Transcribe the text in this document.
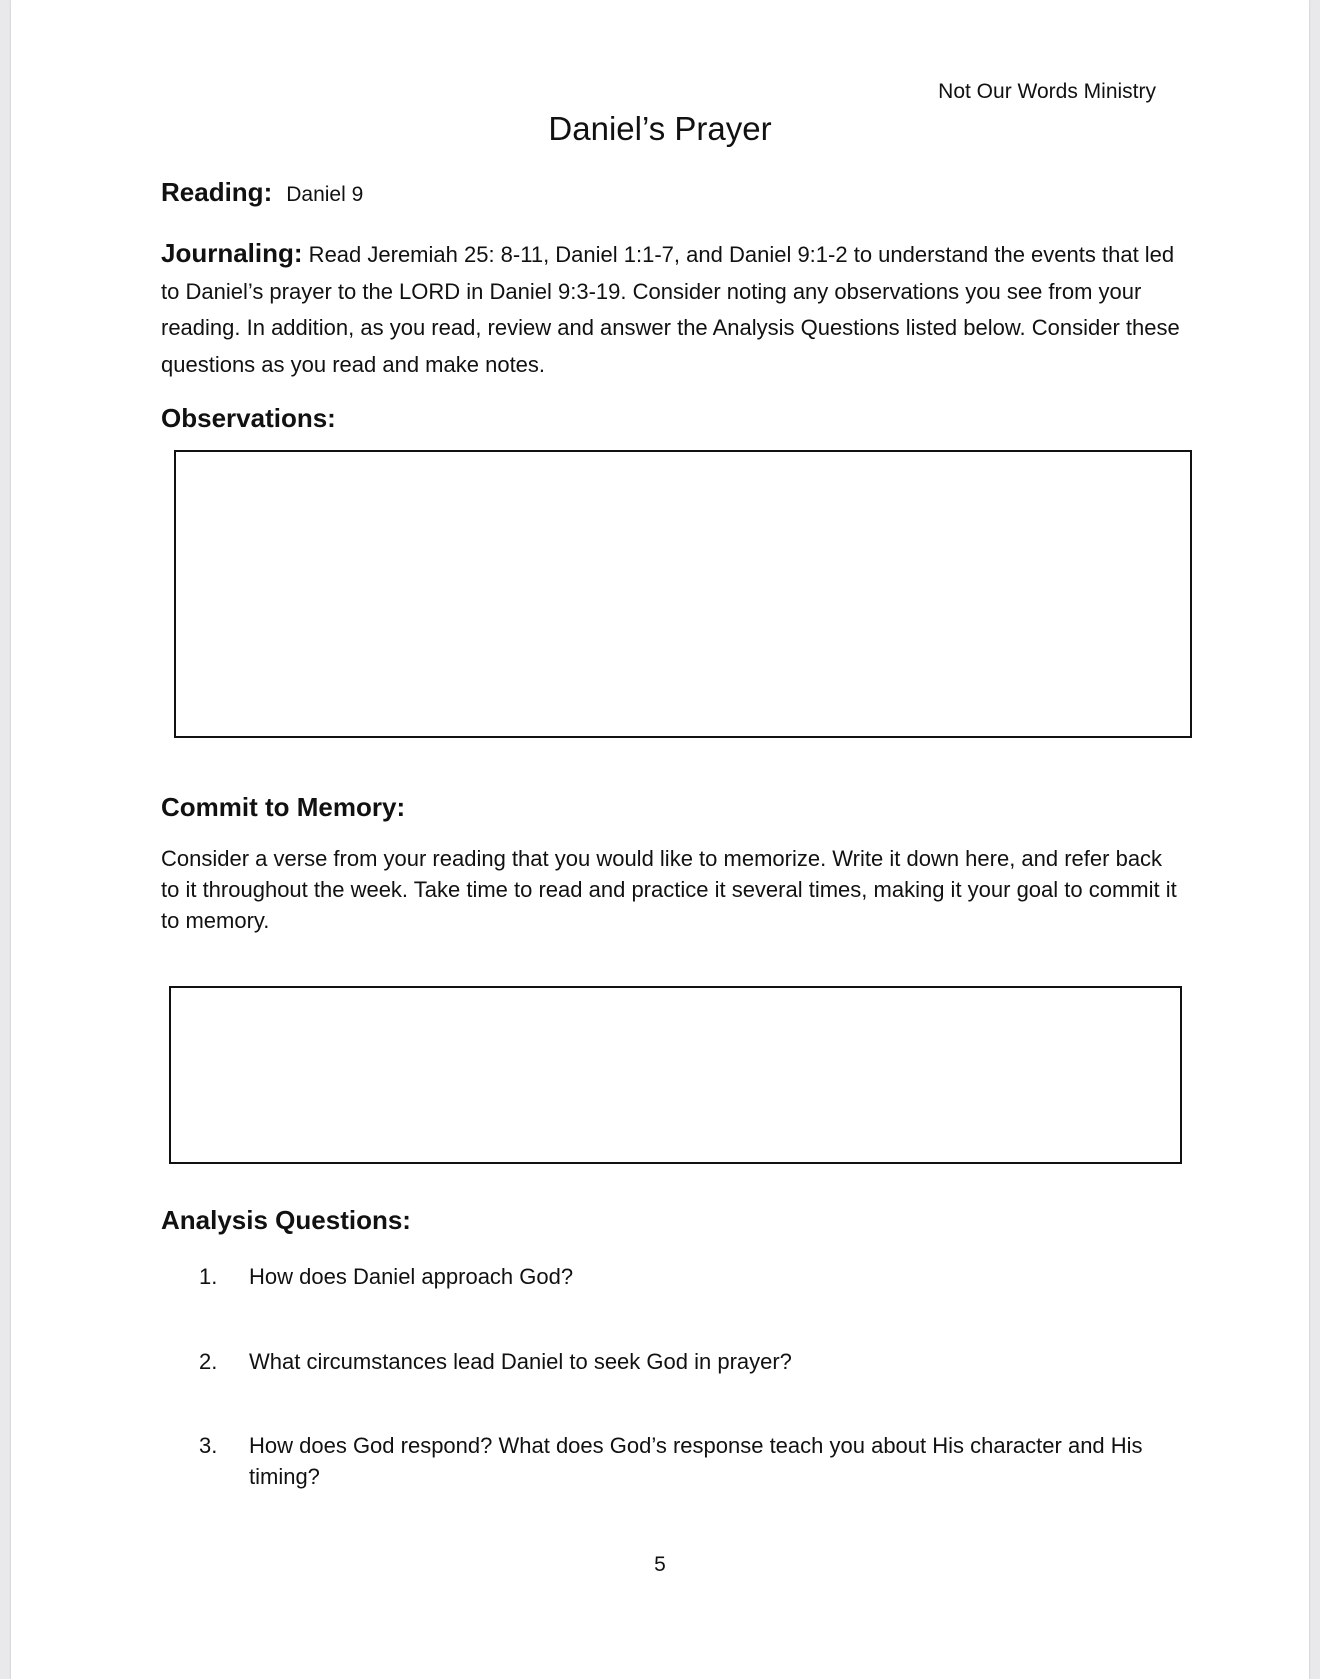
Not Our Words Ministry
Daniel’s Prayer
Reading: Daniel 9
Journaling: Read Jeremiah 25: 8-11, Daniel 1:1-7, and Daniel 9:1-2 to understand the events that led to Daniel’s prayer to the LORD in Daniel 9:3-19. Consider noting any observations you see from your reading. In addition, as you read, review and answer the Analysis Questions listed below. Consider these questions as you read and make notes.
Observations:
Commit to Memory:
Consider a verse from your reading that you would like to memorize. Write it down here, and refer back to it throughout the week. Take time to read and practice it several times, making it your goal to commit it to memory.
Analysis Questions:
1. How does Daniel approach God?
2. What circumstances lead Daniel to seek God in prayer?
3. How does God respond? What does God’s response teach you about His character and His timing?
5
